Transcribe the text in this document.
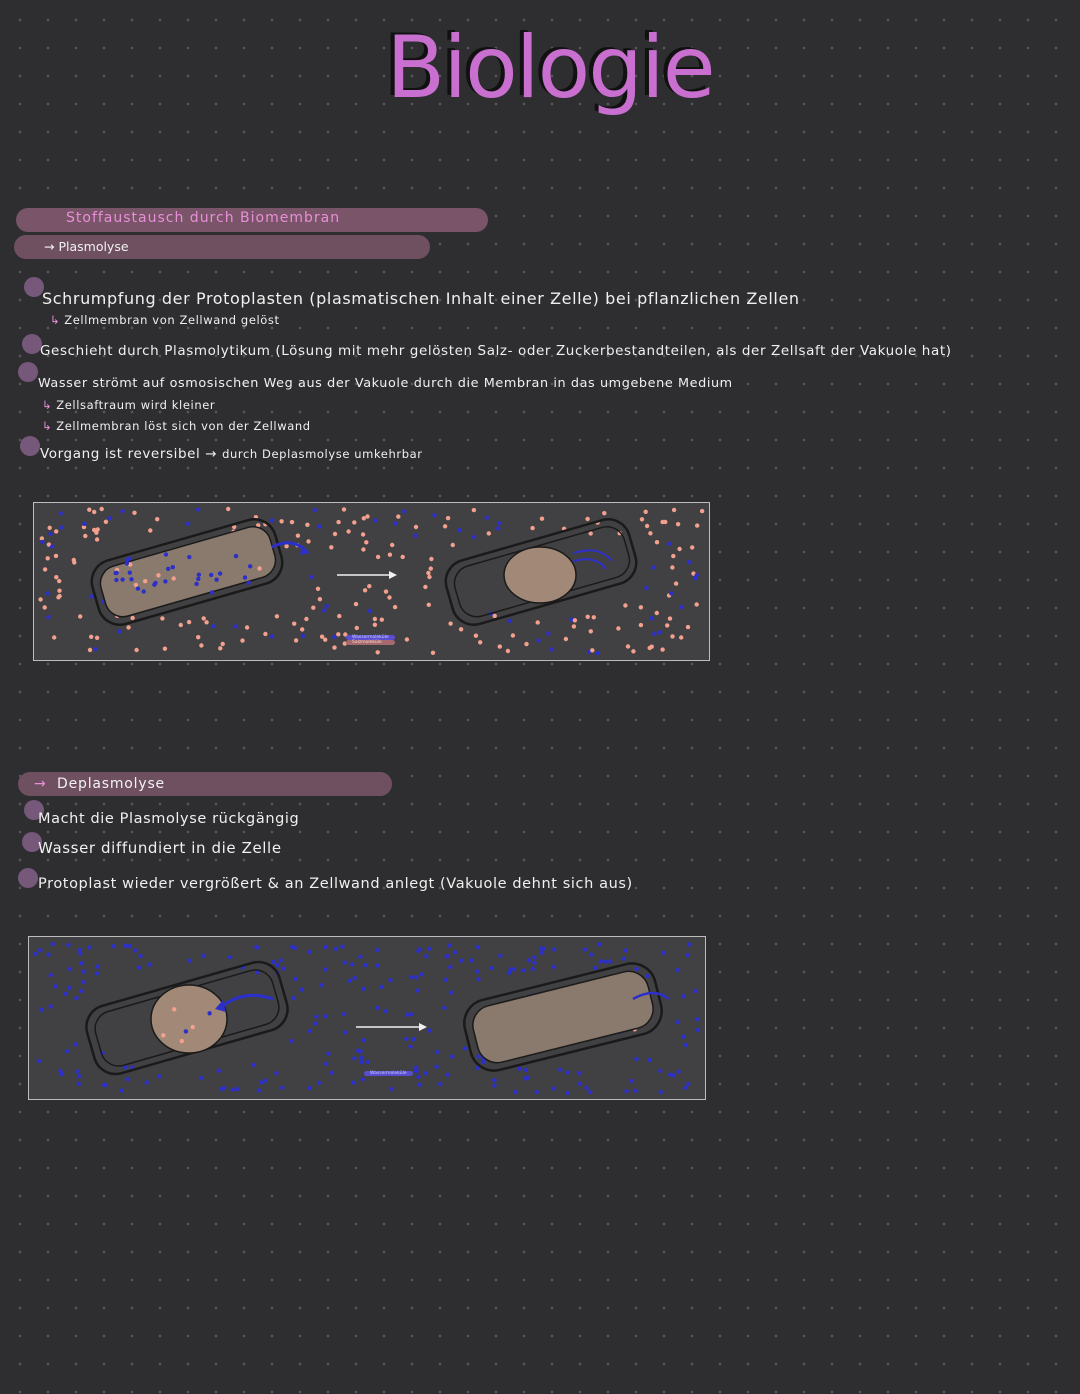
Biologie
Stoffaustausch durch Biomembran
→ Plasmolyse
Schrumpfung der Protoplasten (plasmatischen Inhalt einer Zelle) bei pflanzlichen Zellen
↳ Zellmembran von Zellwand gelöst
Geschieht durch Plasmolytikum (Lösung mit mehr gelösten Salz- oder Zuckerbestandteilen, als der Zellsaft der Vakuole hat)
Wasser strömt auf osmosischen Weg aus der Vakuole durch die Membran in das umgebene Medium
↳ Zellsaftraum wird kleiner
↳ Zellmembran löst sich von der Zellwand
Vorgang ist reversibel → durch Deplasmolyse umkehrbar
Wassermoleküle
Salzmoleküle
→  Deplasmolyse
Macht die Plasmolyse rückgängig
Wasser diffundiert in die Zelle
Protoplast wieder vergrößert & an Zellwand anlegt (Vakuole dehnt sich aus)
Wassermoleküle
